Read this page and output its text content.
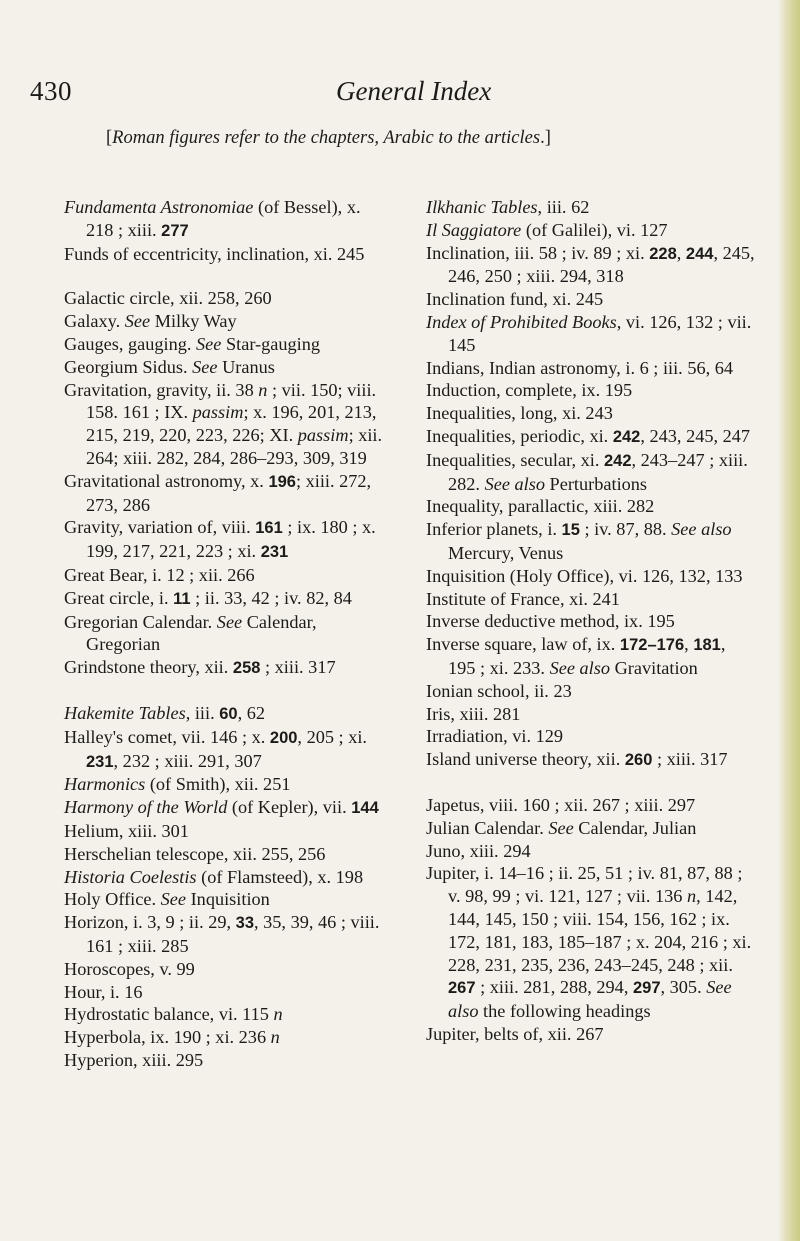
430	General Index
[Roman figures refer to the chapters, Arabic to the articles.]

Fundamenta Astronomiae (of Bessel), x. 218 ; xiii. 277

Funds of eccentricity, inclination, xi. 245

Galactic circle, xii. 258, 260

Galaxy. See Milky Way

Gauges, gauging. See Star-gauging

Georgium Sidus. See Uranus

Gravitation, gravity, ii. 38 n ; vii. 150; viii. 158. 161 ; IX. passim; x. 196, 201, 213, 215, 219, 220, 223, 226; XI. passim; xii. 264; xiii. 282, 284, 286–293, 309, 319

Gravitational astronomy, x. 196; xiii. 272, 273, 286

Gravity, variation of, viii. 161 ; ix. 180 ; x. 199, 217, 221, 223 ; xi. 231

Great Bear, i. 12 ; xii. 266

Great circle, i. 11 ; ii. 33, 42 ; iv. 82, 84

Gregorian Calendar. See Calendar, Gregorian

Grindstone theory, xii. 258 ; xiii. 317

Hakemite Tables, iii. 60, 62

Halley's comet, vii. 146 ; x. 200, 205 ; xi. 231, 232 ; xiii. 291, 307

Harmonics (of Smith), xii. 251

Harmony of the World (of Kepler), vii. 144

Helium, xiii. 301

Herschelian telescope, xii. 255, 256

Historia Coelestis (of Flamsteed), x. 198

Holy Office. See Inquisition

Horizon, i. 3, 9 ; ii. 29, 33, 35, 39, 46 ; viii. 161 ; xiii. 285

Horoscopes, v. 99

Hour, i. 16

Hydrostatic balance, vi. 115 n

Hyperbola, ix. 190 ; xi. 236 n

Hyperion, xiii. 295

Ilkhanic Tables, iii. 62

Il Saggiatore (of Galilei), vi. 127

Inclination, iii. 58 ; iv. 89 ; xi. 228, 244, 245, 246, 250 ; xiii. 294, 318

Inclination fund, xi. 245

Index of Prohibited Books, vi. 126, 132 ; vii. 145

Indians, Indian astronomy, i. 6 ; iii. 56, 64

Induction, complete, ix. 195

Inequalities, long, xi. 243

Inequalities, periodic, xi. 242, 243, 245, 247

Inequalities, secular, xi. 242, 243–247 ; xiii. 282. See also Perturbations

Inequality, parallactic, xiii. 282

Inferior planets, i. 15 ; iv. 87, 88. See also Mercury, Venus

Inquisition (Holy Office), vi. 126, 132, 133

Institute of France, xi. 241

Inverse deductive method, ix. 195

Inverse square, law of, ix. 172–176, 181, 195 ; xi. 233. See also Gravitation

Ionian school, ii. 23

Iris, xiii. 281

Irradiation, vi. 129

Island universe theory, xii. 260 ; xiii. 317

Japetus, viii. 160 ; xii. 267 ; xiii. 297

Julian Calendar. See Calendar, Julian

Juno, xiii. 294

Jupiter, i. 14–16 ; ii. 25, 51 ; iv. 81, 87, 88 ; v. 98, 99 ; vi. 121, 127 ; vii. 136 n, 142, 144, 145, 150 ; viii. 154, 156, 162 ; ix. 172, 181, 183, 185–187 ; x. 204, 216 ; xi. 228, 231, 235, 236, 243–245, 248 ; xii. 267 ; xiii. 281, 288, 294, 297, 305. See also the following headings

Jupiter, belts of, xii. 267
